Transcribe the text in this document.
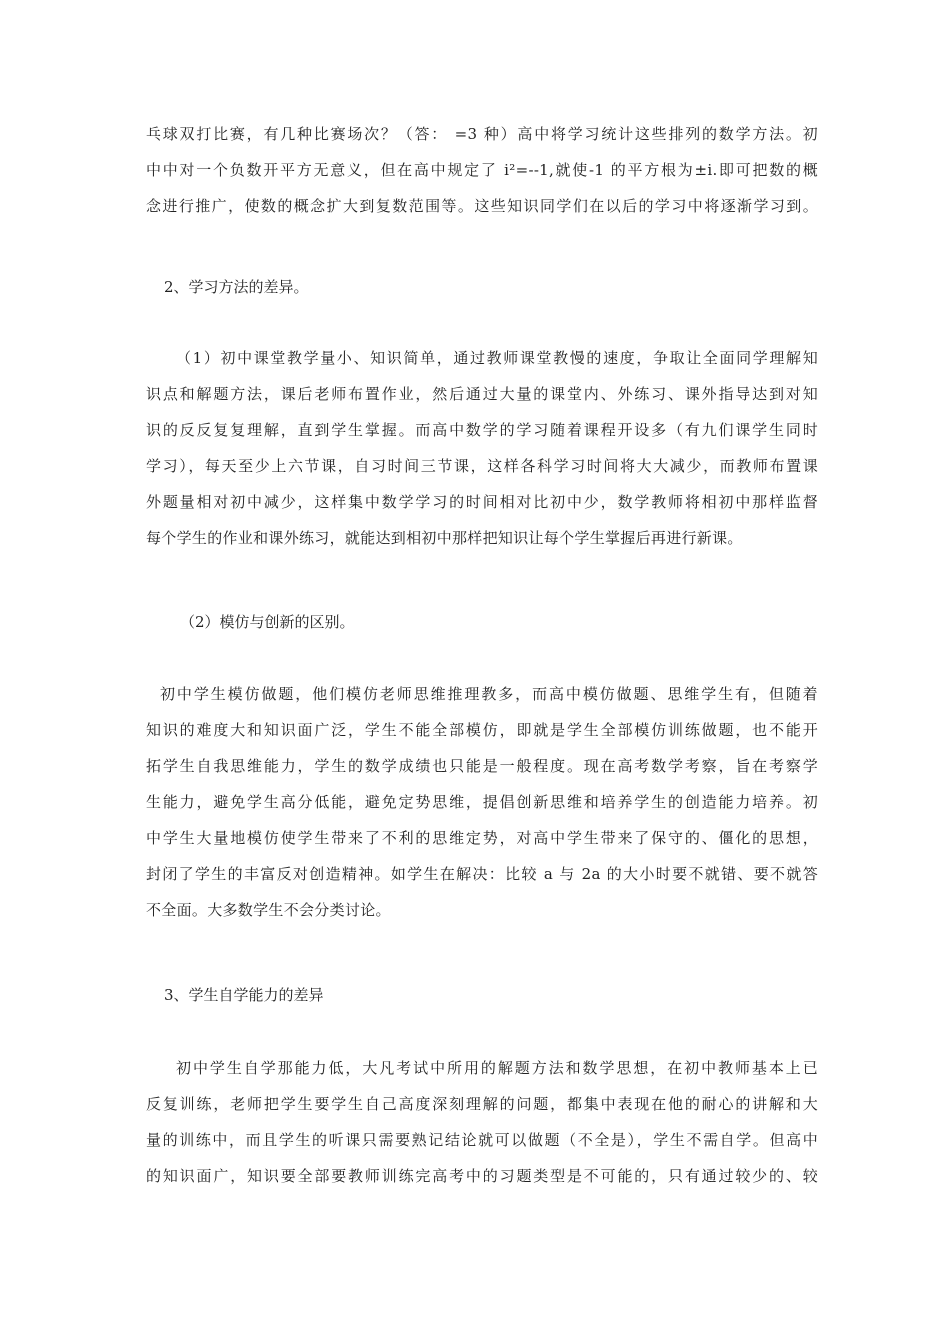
乓球双打比赛，有几种比赛场次？（答： =3 种）高中将学习统计这些排列的数学方法。初
中中对一个负数开平方无意义，但在高中规定了 i²=--1,就使-1 的平方根为±i.即可把数的概
念进行推广，使数的概念扩大到复数范围等。这些知识同学们在以后的学习中将逐渐学习到。
2、学习方法的差异。
（1）初中课堂教学量小、知识简单，通过教师课堂教慢的速度，争取让全面同学理解知
识点和解题方法，课后老师布置作业，然后通过大量的课堂内、外练习、课外指导达到对知
识的反反复复理解，直到学生掌握。而高中数学的学习随着课程开设多（有九们课学生同时
学习），每天至少上六节课，自习时间三节课，这样各科学习时间将大大减少，而教师布置课
外题量相对初中减少，这样集中数学学习的时间相对比初中少，数学教师将相初中那样监督
每个学生的作业和课外练习，就能达到相初中那样把知识让每个学生掌握后再进行新课。
（2）模仿与创新的区别。
初中学生模仿做题，他们模仿老师思维推理教多，而高中模仿做题、思维学生有，但随着
知识的难度大和知识面广泛，学生不能全部模仿，即就是学生全部模仿训练做题，也不能开
拓学生自我思维能力，学生的数学成绩也只能是一般程度。现在高考数学考察，旨在考察学
生能力，避免学生高分低能，避免定势思维，提倡创新思维和培养学生的创造能力培养。初
中学生大量地模仿使学生带来了不利的思维定势，对高中学生带来了保守的、僵化的思想，
封闭了学生的丰富反对创造精神。如学生在解决：比较 a 与 2a 的大小时要不就错、要不就答
不全面。大多数学生不会分类讨论。
3、学生自学能力的差异
初中学生自学那能力低，大凡考试中所用的解题方法和数学思想，在初中教师基本上已
反复训练，老师把学生要学生自己高度深刻理解的问题，都集中表现在他的耐心的讲解和大
量的训练中，而且学生的听课只需要熟记结论就可以做题（不全是），学生不需自学。但高中
的知识面广，知识要全部要教师训练完高考中的习题类型是不可能的，只有通过较少的、较
